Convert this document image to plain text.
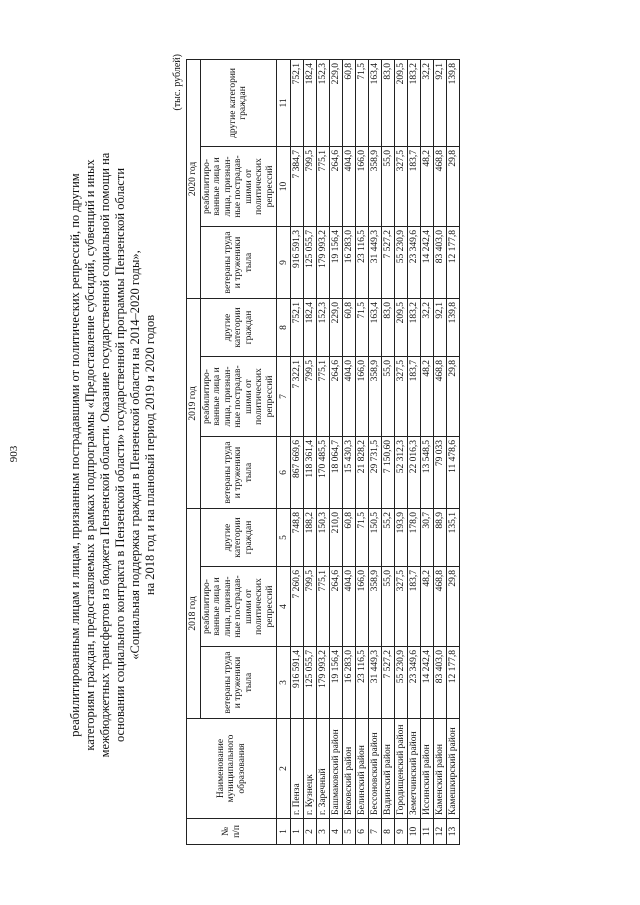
903	реабилитированным лицам и лицам, признанным пострадавшими от политических репрессий, по другим категориям граждан, предоставляемых в рамках подпрограммы «Предоставление субсидий, субвенций и иных межбюджетных трансфертов из бюджета Пензенской области. Оказание государственной социальной помощи на основании социального контракта в Пензенской области» государственной программы Пензенской области «Социальная поддержка граждан в Пензенской области на 2014–2020 годы», на 2018 год и на плановый период 2019 и 2020 годов
(тыс. рублей)
№ п/п	Наименование муниципального образования	2018 год			2019 год			2020 год		
		ветераны труда и труженики тыла	реабилитиро-ванные лица и лица, признан-ные пострадав-шими от политических репрессий	другие категории граждан	ветераны труда и труженики тыла	реабилитиро-ванные лица и лица, признан-ные пострадав-шими от политических репрессий	другие категории граждан	ветераны труда и труженики тыла	реабилитиро-ванные лица и лица, признан-ные пострадав-шими от политических репрессий	другие категории граждан
1	2	3	4	5	6	7	8	9	10	11
1	г. Пенза	916 591,4	7 260,6	748,8	867 669,6	7 322,1	752,1	916 591,3	7 384,7	752,1
2	г. Кузнецк	125 055,7	799,5	188,2	118 361,4	799,5	182,4	125 055,7	799,5	182,4
3	г. Заречный	179 993,2	775,1	150,3	170 485,5	775,1	152,3	179 993,2	775,1	152,3
4	Башмаковский район	19 156,4	264,6	210,0	18 064,7	264,6	229,0	19 156,4	264,6	229,0
5	Бековский район	16 283,0	404,0	60,8	15 430,3	404,0	60,8	16 283,0	404,0	60,8
6	Белинский район	23 116,5	166,0	71,5	21 828,2	166,0	71,5	23 116,5	166,0	71,5
7	Бессоновский район	31 449,3	358,9	150,5	29 731,5	358,9	163,4	31 449,3	358,9	163,4
8	Вадинский район	7 527,2	55,0	55,2	7 150,60	55,0	83,0	7 527,2	55,0	83,0
9	Городищенский район	55 230,9	327,5	193,9	52 312,3	327,5	209,5	55 230,9	327,5	209,5
10	Земетчинский район	23 349,6	183,7	178,0	22 016,3	183,7	183,2	23 349,6	183,7	183,2
11	Иссинский район	14 242,4	48,2	30,7	13 548,5	48,2	32,2	14 242,4	48,2	32,2
12	Каменский район	83 403,0	468,8	88,9	79 033	468,8	92,1	83 403,0	468,8	92,1
13	Камешкирский район	12 177,8	29,8	135,1	11 478,6	29,8	139,8	12 177,8	29,8	139,8
